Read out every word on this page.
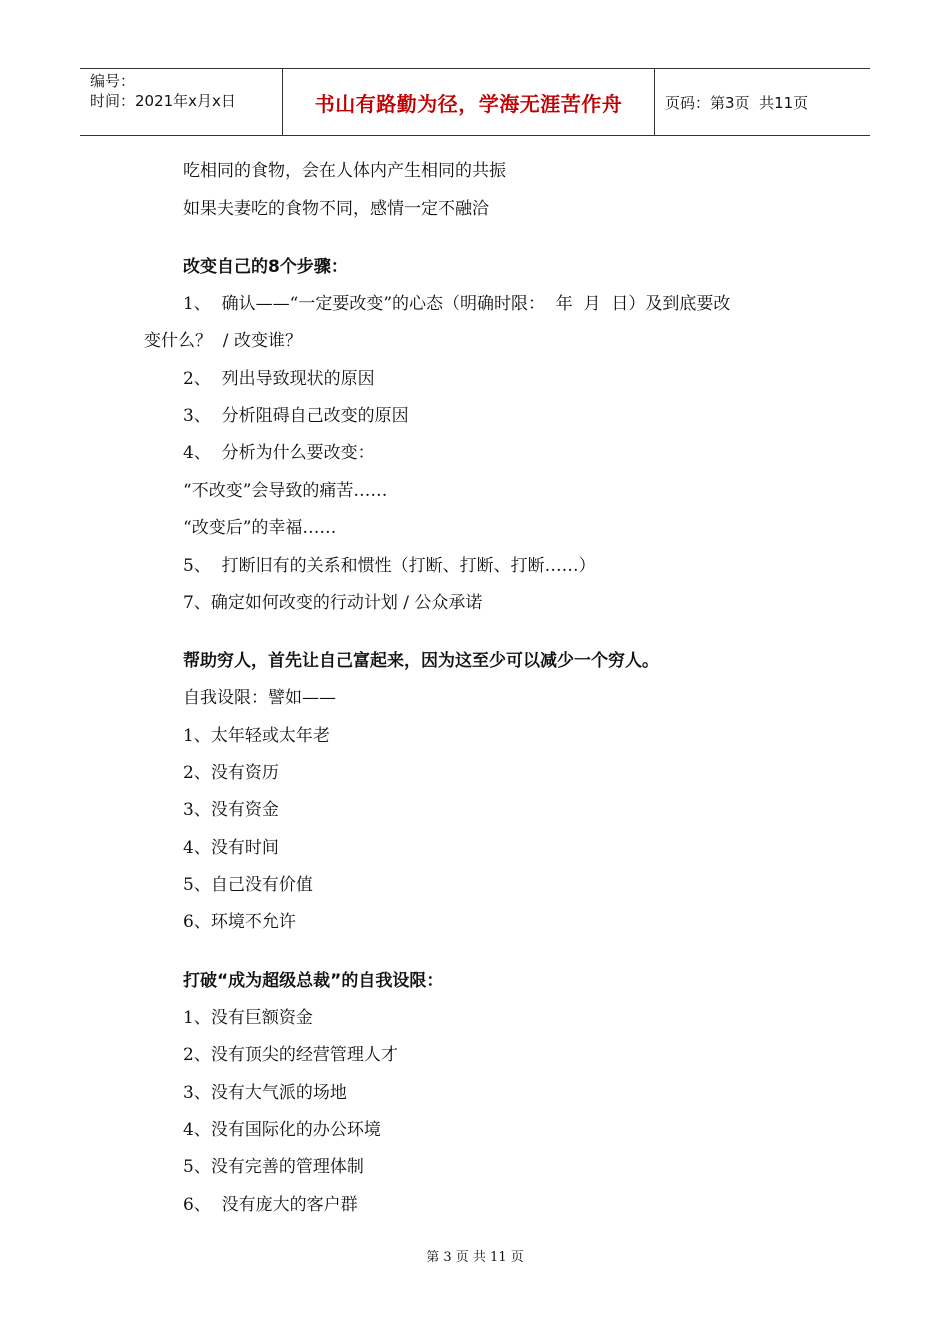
编号：
时间：2021年x月x日	书山有路勤为径，学海无涯苦作舟	页码：第3页  共11页
吃相同的食物，会在人体内产生相同的共振
如果夫妻吃的食物不同，感情一定不融洽
改变自己的8个步骤：
1、  确认——“一定要改变”的心态（明确时限：  年  月  日）及到底要改
变什么？  / 改变谁？
2、  列出导致现状的原因
3、  分析阻碍自己改变的原因
4、  分析为什么要改变：
“不改变”会导致的痛苦……
“改变后”的幸福……
5、  打断旧有的关系和惯性（打断、打断、打断……）
7、确定如何改变的行动计划 / 公众承诺
帮助穷人，首先让自己富起来，因为这至少可以减少一个穷人。
自我设限：譬如——
1、太年轻或太年老
2、没有资历
3、没有资金
4、没有时间
5、自己没有价值
6、环境不允许
打破“成为超级总裁”的自我设限：
1、没有巨额资金
2、没有顶尖的经营管理人才
3、没有大气派的场地
4、没有国际化的办公环境
5、没有完善的管理体制
6、  没有庞大的客户群
第 3 页 共 11 页
